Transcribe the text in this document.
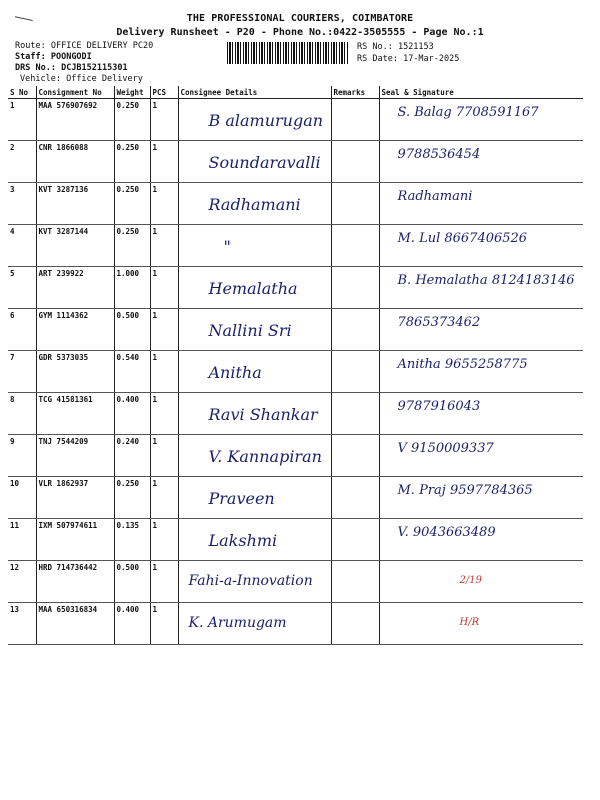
THE PROFESSIONAL COURIERS, COIMBATORE
Delivery Runsheet - P20 - Phone No.:0422-3505555 - Page No.:1
Route: OFFICE DELIVERY PC20
Staff: POONGODI
DRS No.: DCJB152115301
Vehicle: Office Delivery
RS No.: 1521153
RS Date: 17-Mar-2025
S No	Consignment No	Weight	PCS	Consignee Details	Remarks	Seal & Signature
1	MAA 576907692	0.250	1	B alamurugan		S. Balag 7708591167

2	CNR 1866088	0.250	1	Soundaravalli		9788536454

3	KVT 3287136	0.250	1	Radhamani		Radhamani

4	KVT 3287144	0.250	1	"		M. Lul 8667406526

5	ART 239922	1.000	1	Hemalatha		B. Hemalatha 8124183146

6	GYM 1114362	0.500	1	Nallini Sri		7865373462

7	GDR 5373035	0.540	1	Anitha		Anitha 9655258775

8	TCG 41581361	0.400	1	Ravi Shankar		9787916043

9	TNJ 7544209	0.240	1	V. Kannapiran		V 9150009337

10	VLR 1862937	0.250	1	Praveen		M. Praj 9597784365

11	IXM 507974611	0.135	1	Lakshmi		V. 9043663489

12	HRD 714736442	0.500	1	Fahi-a-Innovation		2/19

13	MAA 650316834	0.400	1	K. Arumugam		H/R
